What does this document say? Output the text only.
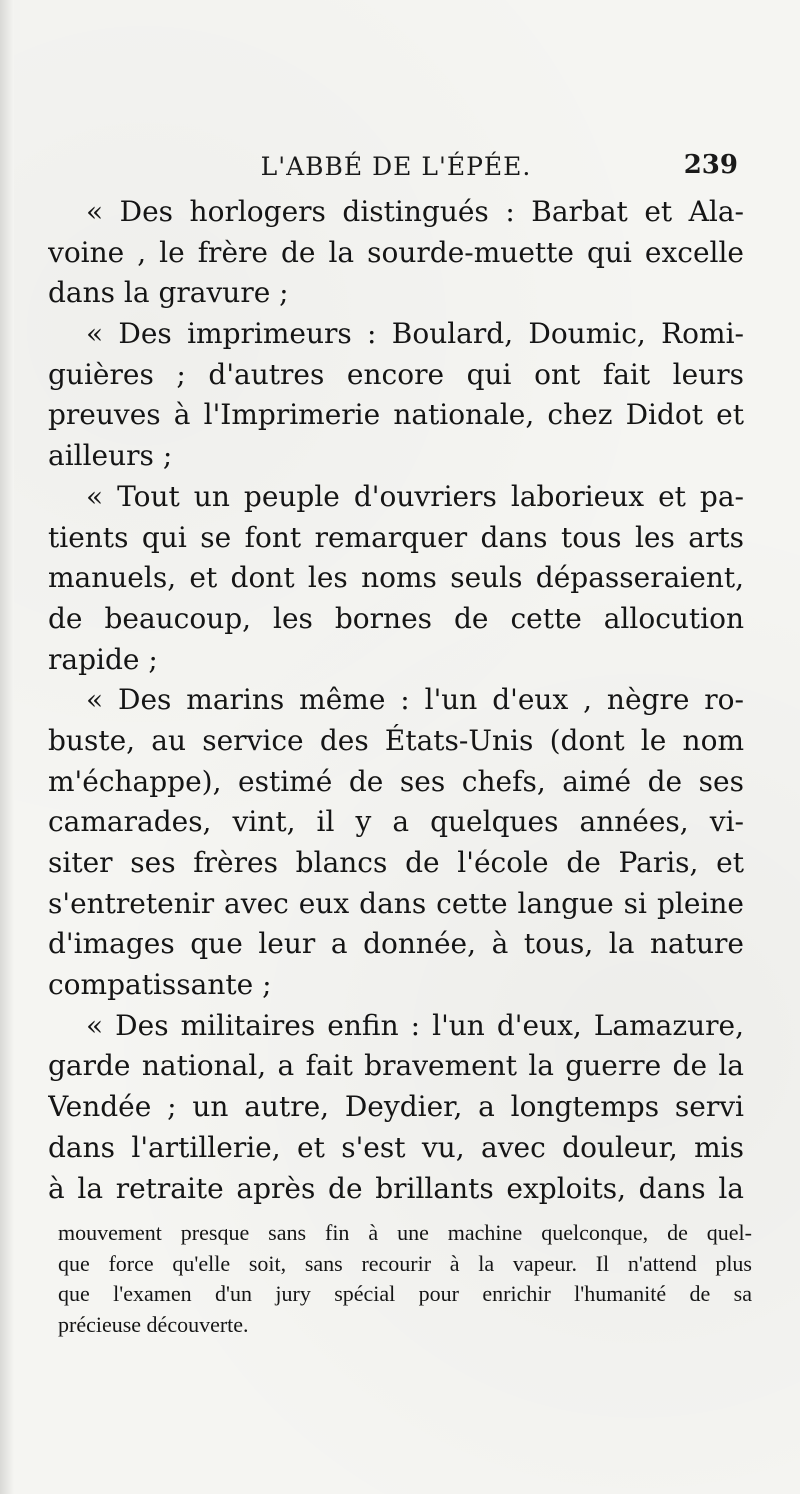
L'ABBÉ DE L'ÉPÉE.	239
« Des horlogers distingués : Barbat et Ala-
voine , le frère de la sourde-muette qui excelle
dans la gravure ;
« Des imprimeurs : Boulard, Doumic, Romi-
guières ; d'autres encore qui ont fait leurs
preuves à l'Imprimerie nationale, chez Didot et
ailleurs ;
« Tout un peuple d'ouvriers laborieux et pa-
tients qui se font remarquer dans tous les arts
manuels, et dont les noms seuls dépasseraient,
de beaucoup, les bornes de cette allocution
rapide ;
« Des marins même : l'un d'eux , nègre ro-
buste, au service des États-Unis (dont le nom
m'échappe), estimé de ses chefs, aimé de ses
camarades, vint, il y a quelques années, vi-
siter ses frères blancs de l'école de Paris, et
s'entretenir avec eux dans cette langue si pleine
d'images que leur a donnée, à tous, la nature
compatissante ;
« Des militaires enfin : l'un d'eux, Lamazure,
garde national, a fait bravement la guerre de la
Vendée ; un autre, Deydier, a longtemps servi
dans l'artillerie, et s'est vu, avec douleur, mis
à la retraite après de brillants exploits, dans la
mouvement presque sans fin à une machine quelconque, de quel-
que force qu'elle soit, sans recourir à la vapeur. Il n'attend plus
que l'examen d'un jury spécial pour enrichir l'humanité de sa
précieuse découverte.
